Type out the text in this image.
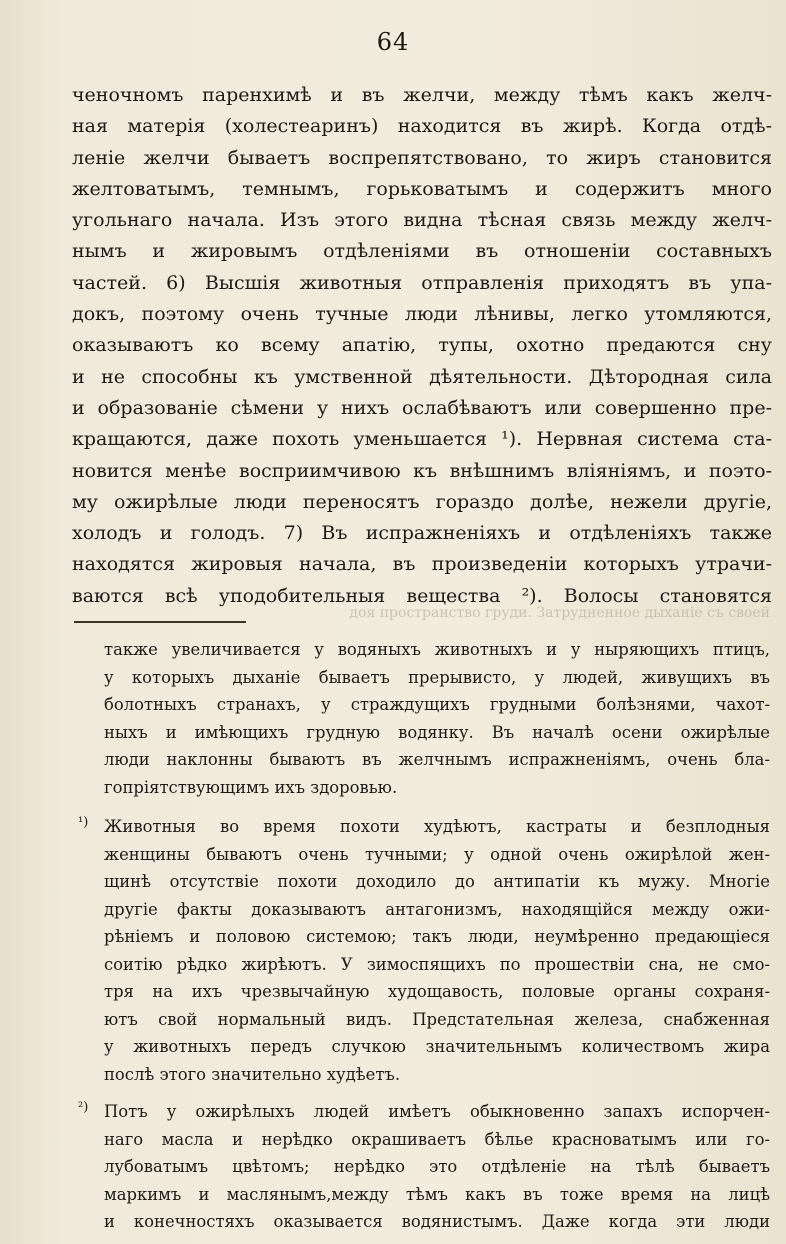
64
ченочномъ паренхимѣ и въ желчи, между тѣмъ какъ желч-
ная матерія (холестеаринъ) находится въ жирѣ. Когда отдѣ-
леніе желчи бываетъ воспрепятствовано, то жиръ становится
желтоватымъ, темнымъ, горьковатымъ и содержитъ много
угольнаго начала. Изъ этого видна тѣсная связь между желч-
нымъ и жировымъ отдѣленіями въ отношеніи составныхъ
частей. 6) Высшія животныя отправленія приходятъ въ упа-
докъ, поэтому очень тучные люди лѣнивы, легко утомляются,
оказываютъ ко всему апатію, тупы, охотно предаются сну
и не способны къ умственной дѣятельности. Дѣтородная сила
и образованіе сѣмени у нихъ ослабѣваютъ или совершенно пре-
кращаются, даже похоть уменьшается ¹). Нервная система ста-
новится менѣе восприимчивою къ внѣшнимъ вліяніямъ, и поэто-
му ожирѣлые люди переносятъ гораздо долѣе, нежели другіе,
холодъ и голодъ. 7) Въ испражненіяхъ и отдѣленіяхъ также
находятся жировыя начала, въ произведеніи которыхъ утрачи-
ваются всѣ уподобительныя вещества ²). Волосы становятся
доя пространство груди. Затрудненное дыханіе съ своей
также увеличивается у водяныхъ животныхъ и у ныряющихъ птицъ,
у которыхъ дыханіе бываетъ прерывисто, у людей, живущихъ въ
болотныхъ странахъ, у страждущихъ грудными болѣзнями, чахот-
ныхъ и имѣющихъ грудную водянку. Въ началѣ осени ожирѣлые
люди наклонны бываютъ въ желчнымъ испражненіямъ, очень бла-
гопріятствующимъ ихъ здоровью.
¹) Животныя во время похоти худѣютъ, кастраты и безплодныя
женщины бываютъ очень тучными; у одной очень ожирѣлой жен-
щинѣ отсутствіе похоти доходило до антипатіи къ мужу. Многіе
другіе факты доказываютъ антагонизмъ, находящійся между ожи-
рѣніемъ и половою системою; такъ люди, неумѣренно предающіеся
соитію рѣдко жирѣютъ. У зимоспящихъ по прошествіи сна, не смо-
тря на ихъ чрезвычайную худощавость, половые органы сохраня-
ютъ свой нормальный видъ. Предстательная железа, снабженная
у животныхъ передъ случкою значительнымъ количествомъ жира
послѣ этого значительно худѣетъ.
²) Потъ у ожирѣлыхъ людей имѣетъ обыкновенно запахъ испорчен-
наго масла и нерѣдко окрашиваетъ бѣлье красноватымъ или го-
лубоватымъ цвѣтомъ; нерѣдко это отдѣленіе на тѣлѣ бываетъ
маркимъ и маслянымъ,между тѣмъ какъ въ тоже время на лицѣ
и конечностяхъ оказывается водянистымъ. Даже когда эти люди
